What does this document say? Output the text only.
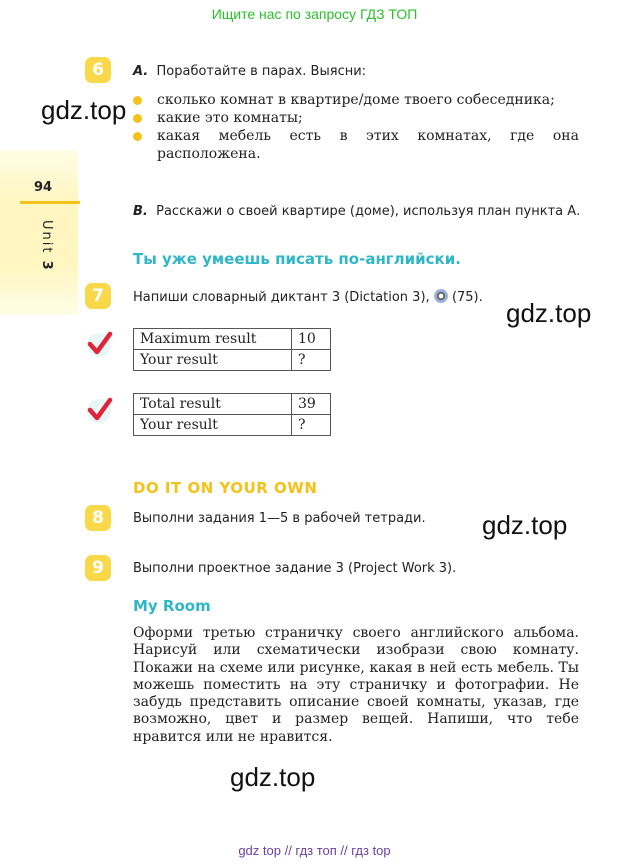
Ищите нас по запросу ГДЗ ТОП
94
Unit 3
6	A. Поработайте в парах. Выясни:
сколько комнат в квартире/доме твоего собеседника;
какие это комнаты;
какая мебель есть в этих комнатах, где она расположена.
B. Расскажи о своей квартире (доме), используя план пункта А.
Ты уже умеешь писать по-английски.
7	Напиши словарный диктант 3 (Dictation 3), (75).
Maximum result	10
Your result	?
Total result	39
Your result	?
DO IT ON YOUR OWN
8	Выполни задания 1—5 в рабочей тетради.
9	Выполни проектное задание 3 (Project Work 3).
My Room
Оформи третью страничку своего английского альбома. Нарисуй или схематически изобрази свою комнату. Покажи на схеме или рисунке, какая в ней есть мебель. Ты можешь поместить на эту страничку и фотографии. Не забудь представить описание своей комнаты, указав, где возможно, цвет и размер вещей. Напиши, что тебе нравится или не нравится.
gdz.top
gdz.top
gdz.top
gdz.top
gdz top // гдз топ // гдз top
